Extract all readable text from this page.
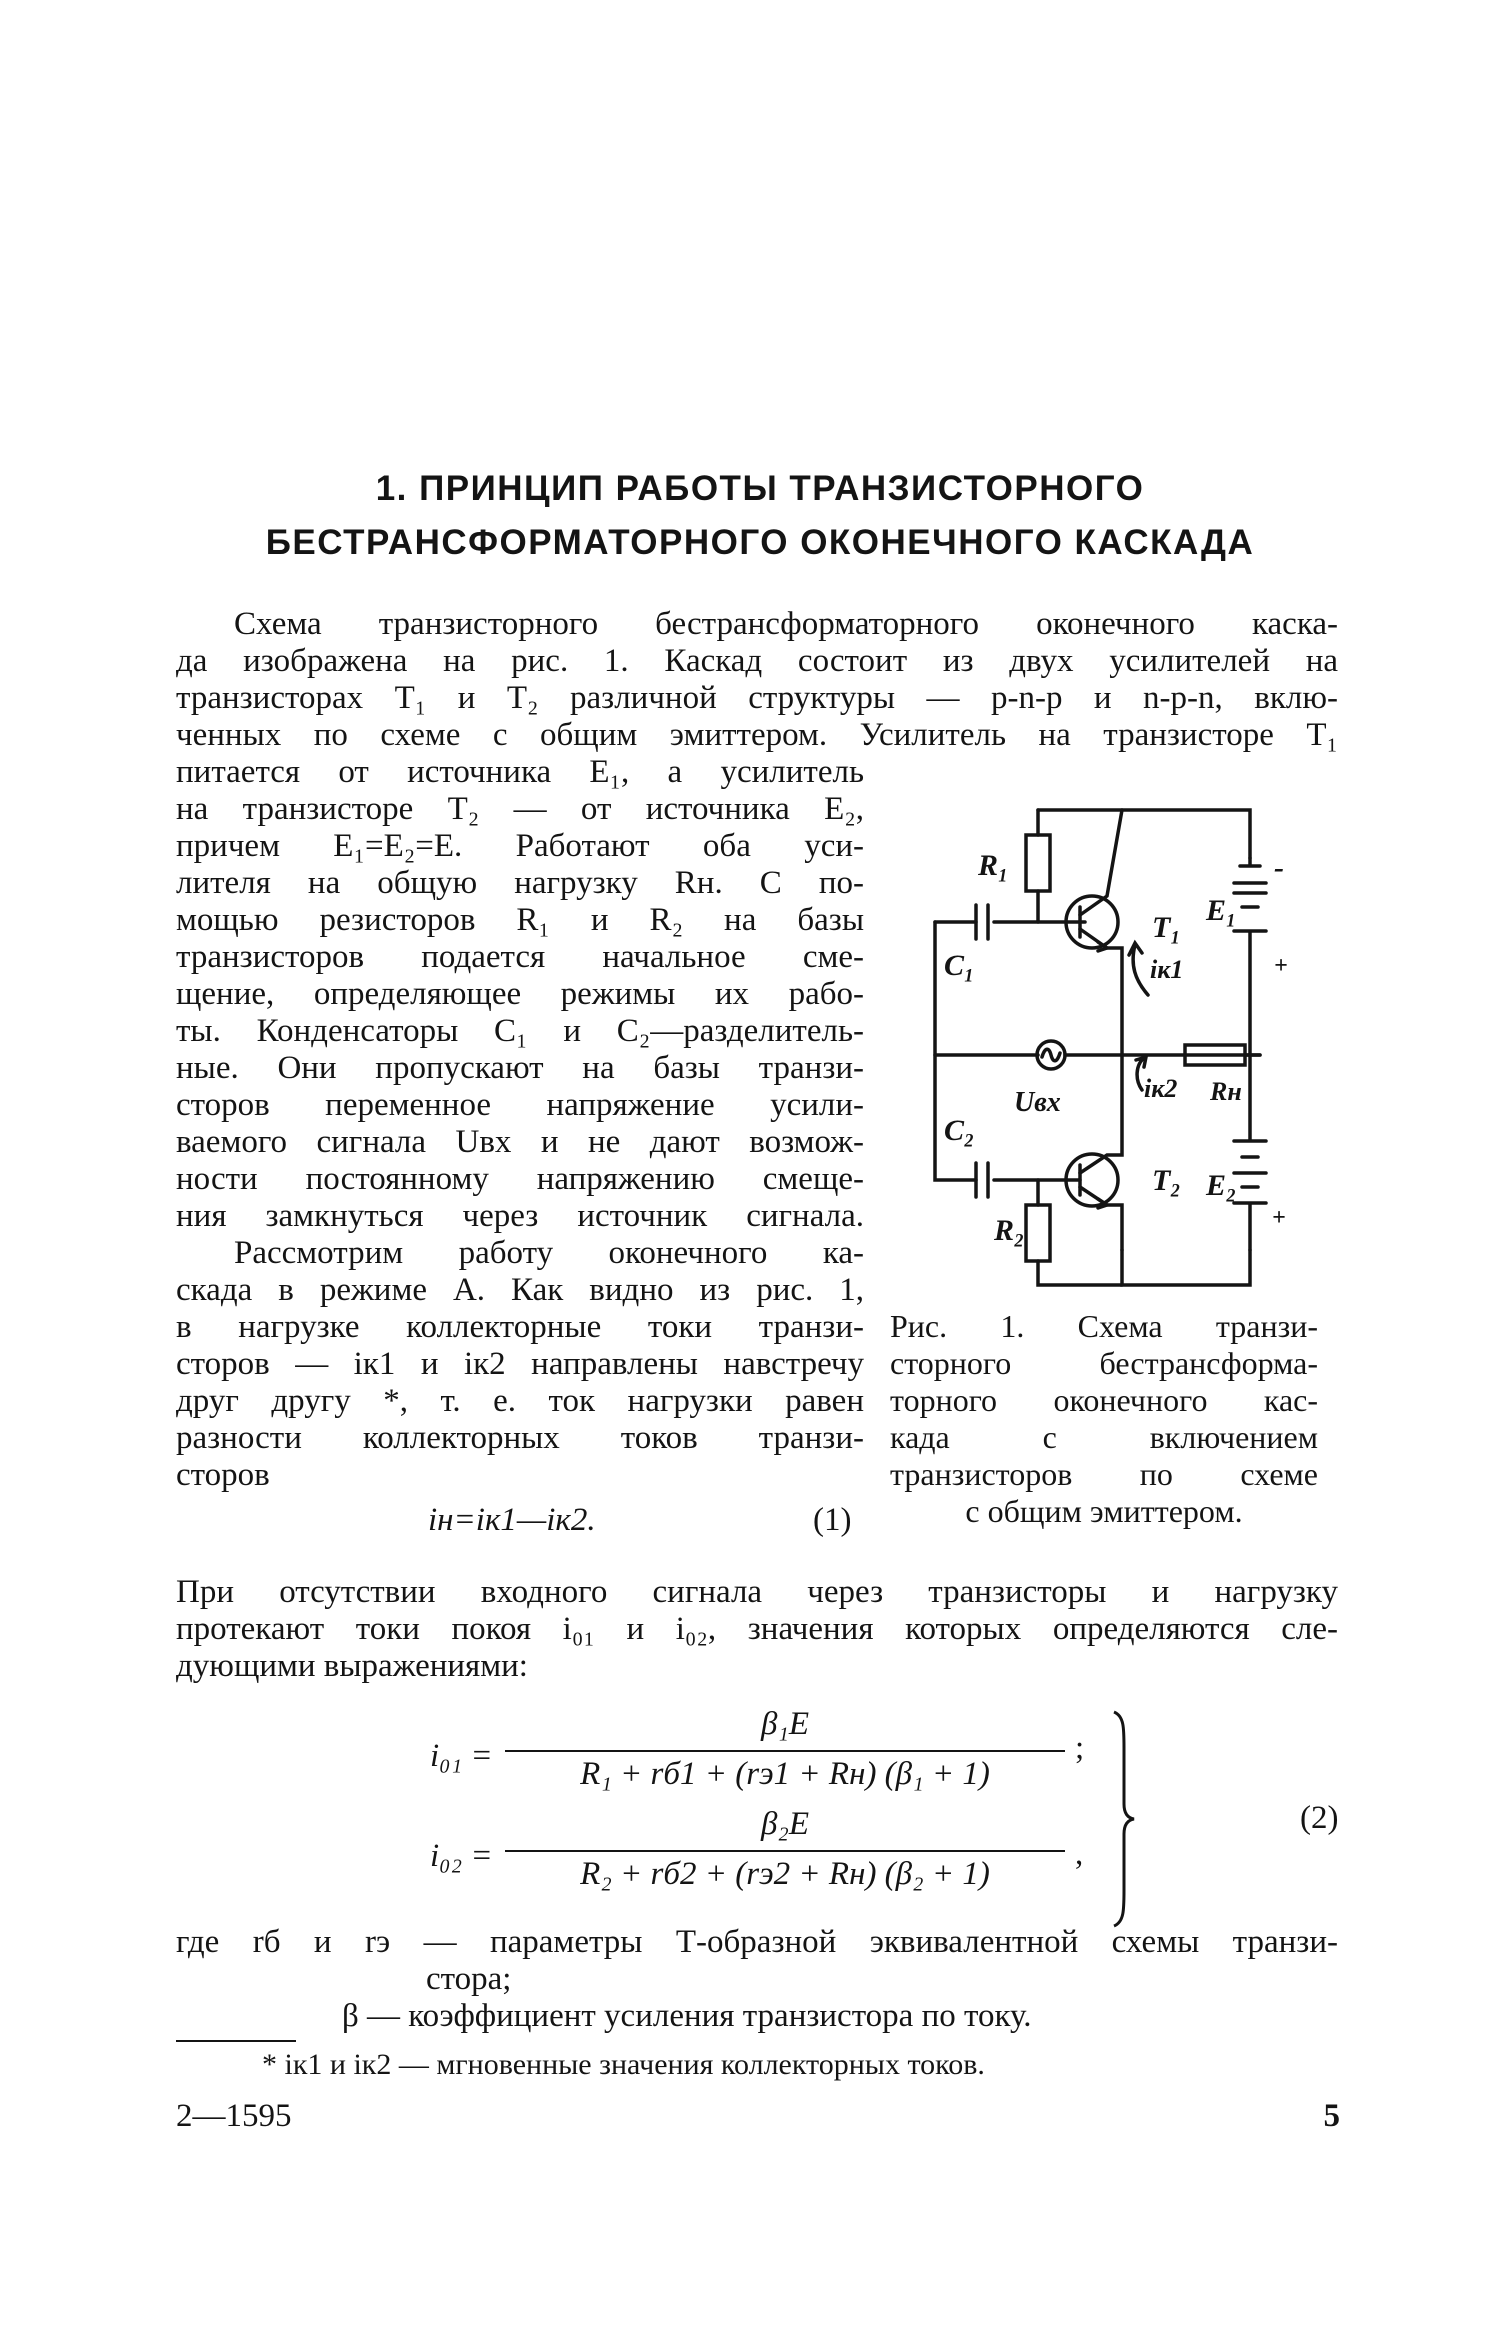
1. ПРИНЦИП РАБОТЫ ТРАНЗИСТОРНОГО
БЕСТРАНСФОРМАТОРНОГО ОКОНЕЧНОГО КАСКАДА
Схема транзисторного бестрансформаторного оконечного каска-
да изображена на рис. 1. Каскад состоит из двух усилителей на
транзисторах T₁ и T₂ различной структуры — p-n-p и n-p-n, вклю-
ченных по схеме с общим эмиттером. Усилитель на транзисторе T₁
питается от источника E₁, а усилитель
на транзисторе T₂ — от источника E₂,
причем E₁=E₂=E. Работают оба уси-
лителя на общую нагрузку Rн. С по-
мощью резисторов R₁ и R₂ на базы
транзисторов подается начальное сме-
щение, определяющее режимы их рабо-
ты. Конденсаторы C₁ и C₂—разделитель-
ные. Они пропускают на базы транзи-
сторов переменное напряжение усили-
ваемого сигнала Uвх и не дают возмож-
ности постоянному напряжению смеще-
ния замкнуться через источник сигнала.
Рассмотрим работу оконечного ка-
скада в режиме А. Как видно из рис. 1,
в нагрузке коллекторные токи транзи-
сторов — iк1 и iк2 направлены навстречу
друг другу *, т. е. ток нагрузки равен
разности коллекторных токов транзи-
сторов
iн=iк1—iк2.	(1)
R₁
C₁
T₁
E₁
iк1
Uвх	iк2 Rн
C₂
T₂ E₂
R₂
-
+
+
Рис. 1. Схема транзи-
сторного бестрансформа-
торного оконечного кас-
када с включением
транзисторов по схеме
с общим эмиттером.
При отсутствии входного сигнала через транзисторы и нагрузку
протекают токи покоя i₀₁ и i₀₂, значения которых определяются сле-
дующими выражениями:
i₀₁ =
β₁E
R₁ + rб1 + (rэ1 + Rн) (β₁ + 1)
;
i₀₂ =
β₂E
R₂ + rб2 + (rэ2 + Rн) (β₂ + 1)
,
(2)
где rб и rэ — параметры Т-образной эквивалентной схемы транзи-
стора;
β — коэффициент усиления транзистора по току.
* iк1 и iк2 — мгновенные значения коллекторных токов.
2—1595	5
